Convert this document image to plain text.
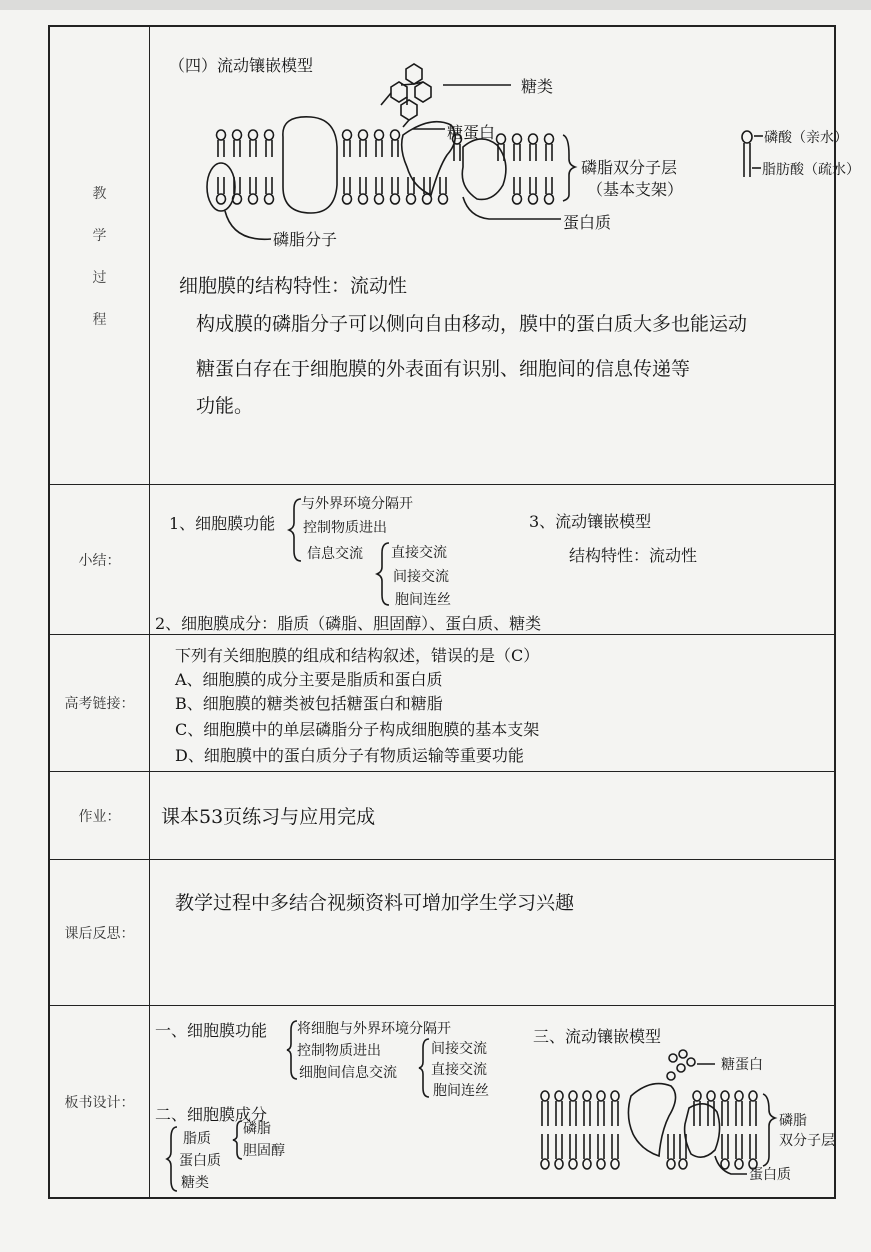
教
学
过
程
（四）流动镶嵌模型
糖类
糖蛋白
磷脂双分子层
（基本支架）
蛋白质
磷脂分子
磷酸（亲水）
脂肪酸（疏水）
细胞膜的结构特性：流动性
构成膜的磷脂分子可以侧向自由移动，膜中的蛋白质大多也能运动
糖蛋白存在于细胞膜的外表面有识别、细胞间的信息传递等
功能。
小结：
1、细胞膜功能
与外界环境分隔开
控制物质进出
信息交流 直接交流
间接交流
胞间连丝
3、流动镶嵌模型
结构特性：流动性
2、细胞膜成分：脂质（磷脂、胆固醇）、蛋白质、糖类
高考链接：
下列有关细胞膜的组成和结构叙述，错误的是（C）
A、细胞膜的成分主要是脂质和蛋白质
B、细胞膜的糖类被包括糖蛋白和糖脂
C、细胞膜中的单层磷脂分子构成细胞膜的基本支架
D、细胞膜中的蛋白质分子有物质运输等重要功能
作业：	课本53页练习与应用完成
课后反思：
教学过程中多结合视频资料可增加学生学习兴趣
板书设计：
一、细胞膜功能 将细胞与外界环境分隔开
控制物质进出
细胞间信息交流
间接交流
直接交流
胞间连丝
二、细胞膜成分
脂质
蛋白质
糖类
磷脂
胆固醇
三、流动镶嵌模型
糖蛋白
磷脂
双分子层
蛋白质
